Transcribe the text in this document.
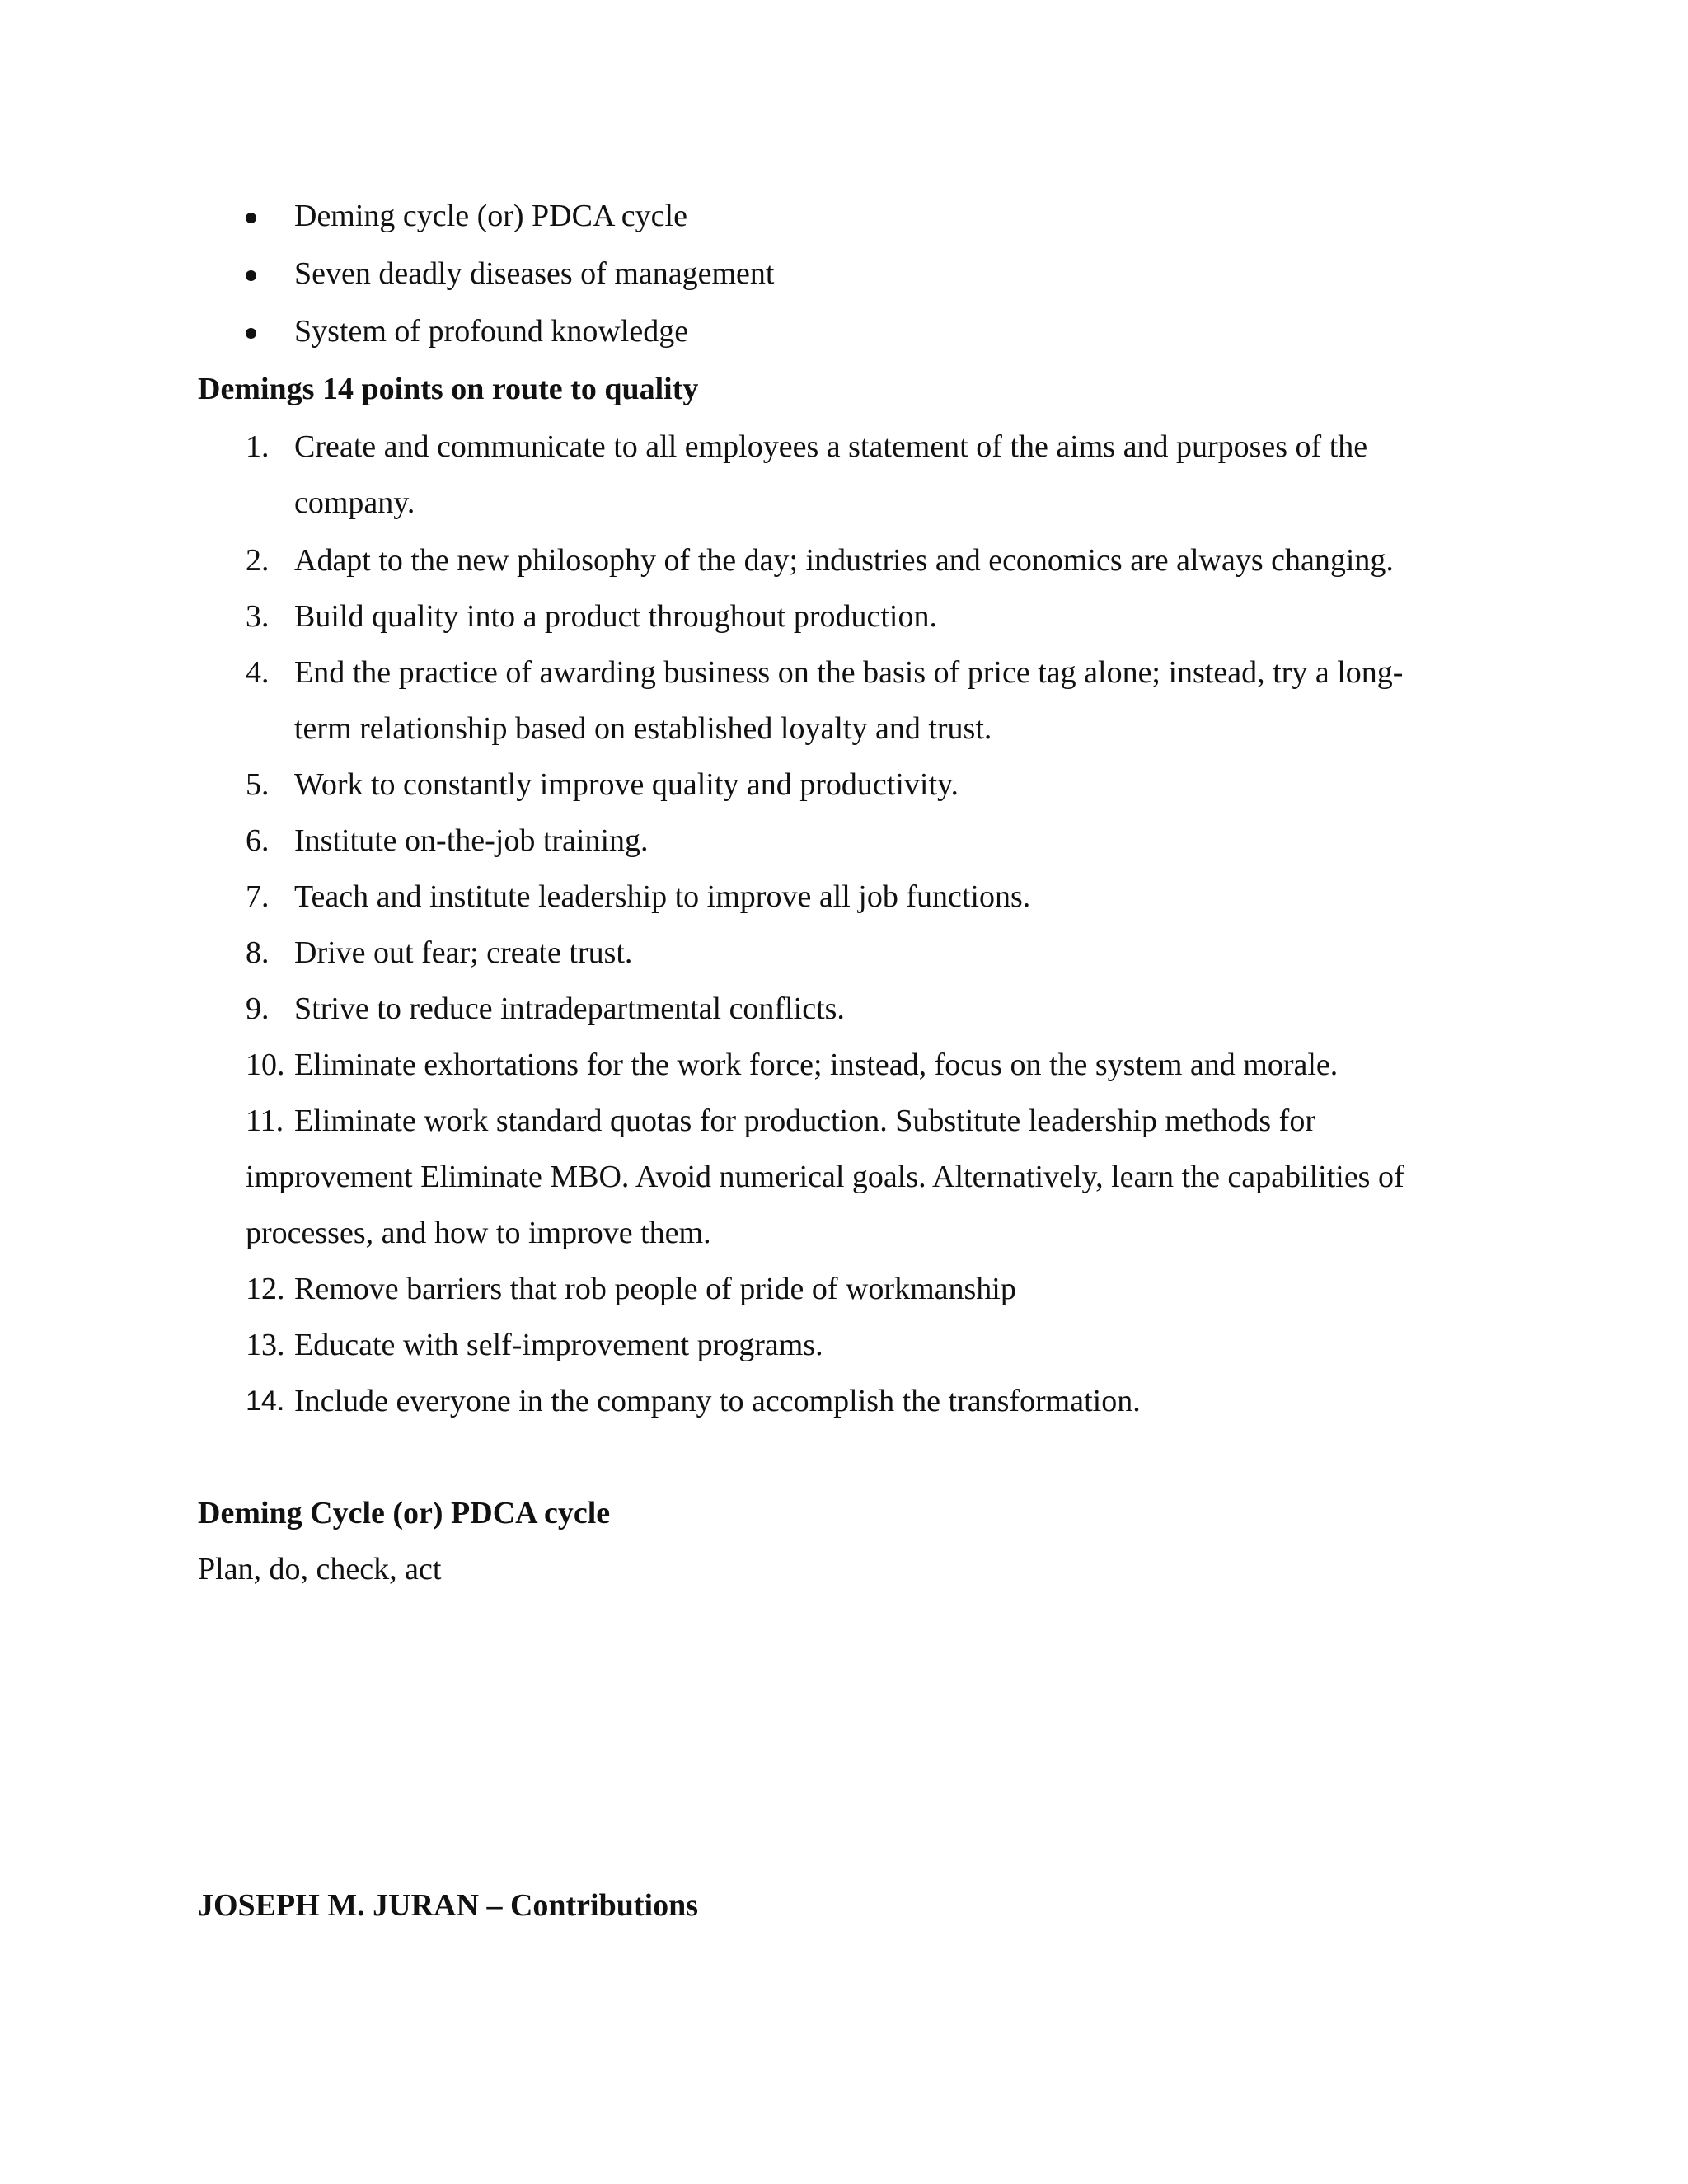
Deming cycle (or) PDCA cycle
Seven deadly diseases of management
System of profound knowledge
Demings 14 points on route to quality
1. Create and communicate to all employees a statement of the aims and purposes of the
company.
2. Adapt to the new philosophy of the day; industries and economics are always changing.
3. Build quality into a product throughout production.
4. End the practice of awarding business on the basis of price tag alone; instead, try a long-
term relationship based on established loyalty and trust.
5. Work to constantly improve quality and productivity.
6. Institute on-the-job training.
7. Teach and institute leadership to improve all job functions.
8. Drive out fear; create trust.
9. Strive to reduce intradepartmental conflicts.
10. Eliminate exhortations for the work force; instead, focus on the system and morale.
11. Eliminate work standard quotas for production. Substitute leadership methods for
improvement Eliminate MBO. Avoid numerical goals. Alternatively, learn the capabilities of
processes, and how to improve them.
12. Remove barriers that rob people of pride of workmanship
13. Educate with self-improvement programs.
14. Include everyone in the company to accomplish the transformation.
Deming Cycle (or) PDCA cycle
Plan, do, check, act
JOSEPH M. JURAN – Contributions
